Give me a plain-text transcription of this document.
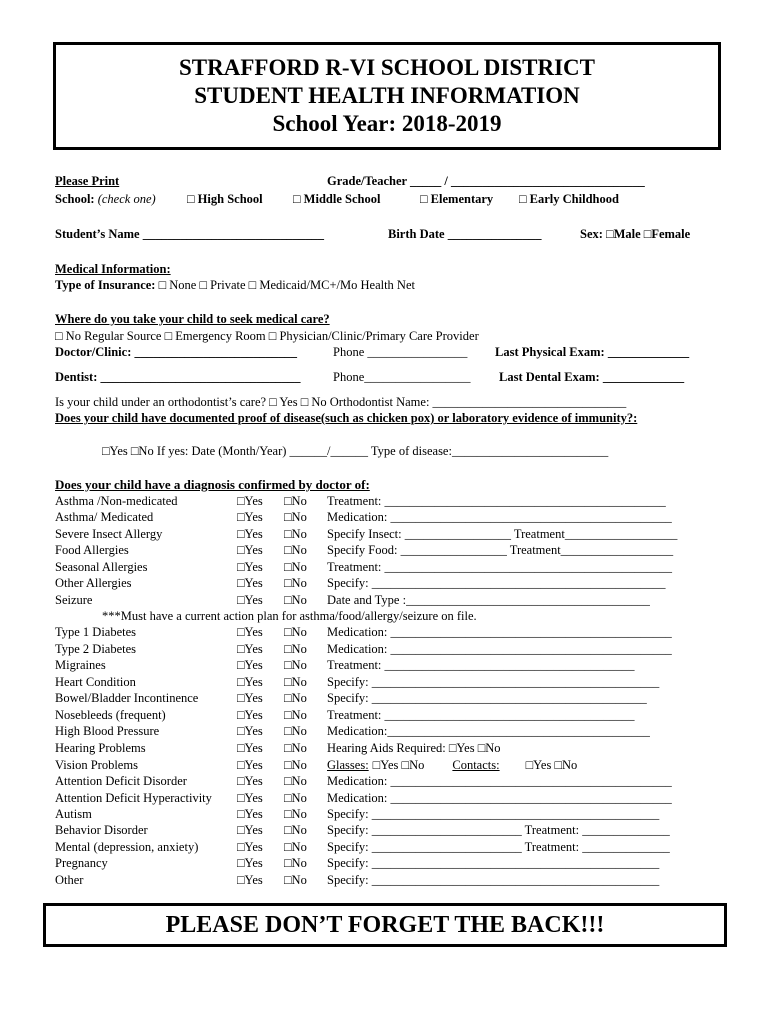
STRAFFORD R-VI SCHOOL DISTRICT
STUDENT HEALTH INFORMATION
School Year: 2018-2019
Please Print	Grade/Teacher _____ / _______________________________
School: (check one)	□ High School □ Middle School	□ Elementary □ Early Childhood
Student’s Name _____________________________	Birth Date _______________	Sex: □Male □Female
Medical Information:
Type of Insurance: □ None □ Private □ Medicaid/MC+/Mo Health Net
Where do you take your child to seek medical care?
□ No Regular Source □ Emergency Room □ Physician/Clinic/Primary Care Provider
Doctor/Clinic: __________________________	Phone ________________ Last Physical Exam: _____________
Dentist: ________________________________	Phone_________________ Last Dental Exam: _____________
Is your child under an orthodontist’s care? □ Yes □ No Orthodontist Name: _______________________________
Does your child have documented proof of disease(such as chicken pox) or laboratory evidence of immunity?:
□Yes □No If yes: Date (Month/Year) ______/______ Type of disease:_________________________
Does your child have a diagnosis confirmed by doctor of:
Asthma /Non-medicated	□Yes □No Treatment: _____________________________________________
Asthma/ Medicated	□Yes □No Medication: _____________________________________________
Severe Insect Allergy	□Yes □No Specify Insect: _________________ Treatment__________________
Food Allergies	□Yes □No Specify Food: _________________ Treatment__________________
Seasonal Allergies	□Yes □No Treatment: ______________________________________________
Other Allergies	□Yes □No Specify: _______________________________________________
Seizure	□Yes □No Date and Type :_______________________________________
Type 1 Diabetes	□Yes □No Medication: _____________________________________________
Type 2 Diabetes	□Yes □No Medication: _____________________________________________
Migraines	□Yes □No Treatment: ________________________________________
Heart Condition	□Yes □No Specify: ______________________________________________
Bowel/Bladder Incontinence	□Yes □No Specify: ____________________________________________
Nosebleeds (frequent)	□Yes □No Treatment: ________________________________________
High Blood Pressure	□Yes □No Medication:__________________________________________
Hearing Problems	□Yes □No Hearing Aids Required: □Yes □No
Vision Problems	□Yes □No Glasses: □Yes □No Contacts: □Yes □No
Attention Deficit Disorder	□Yes □No Medication: _____________________________________________
Attention Deficit Hyperactivity □Yes □No Medication: _____________________________________________
Autism	□Yes □No Specify: ______________________________________________
Behavior Disorder	□Yes □No Specify: ________________________ Treatment: ______________
Mental (depression, anxiety)	□Yes □No Specify: ________________________ Treatment: ______________
Pregnancy	□Yes □No Specify: ______________________________________________
Other	□Yes □No Specify: ______________________________________________
***Must have a current action plan for asthma/food/allergy/seizure on file.
PLEASE DON’T FORGET THE BACK!!!
